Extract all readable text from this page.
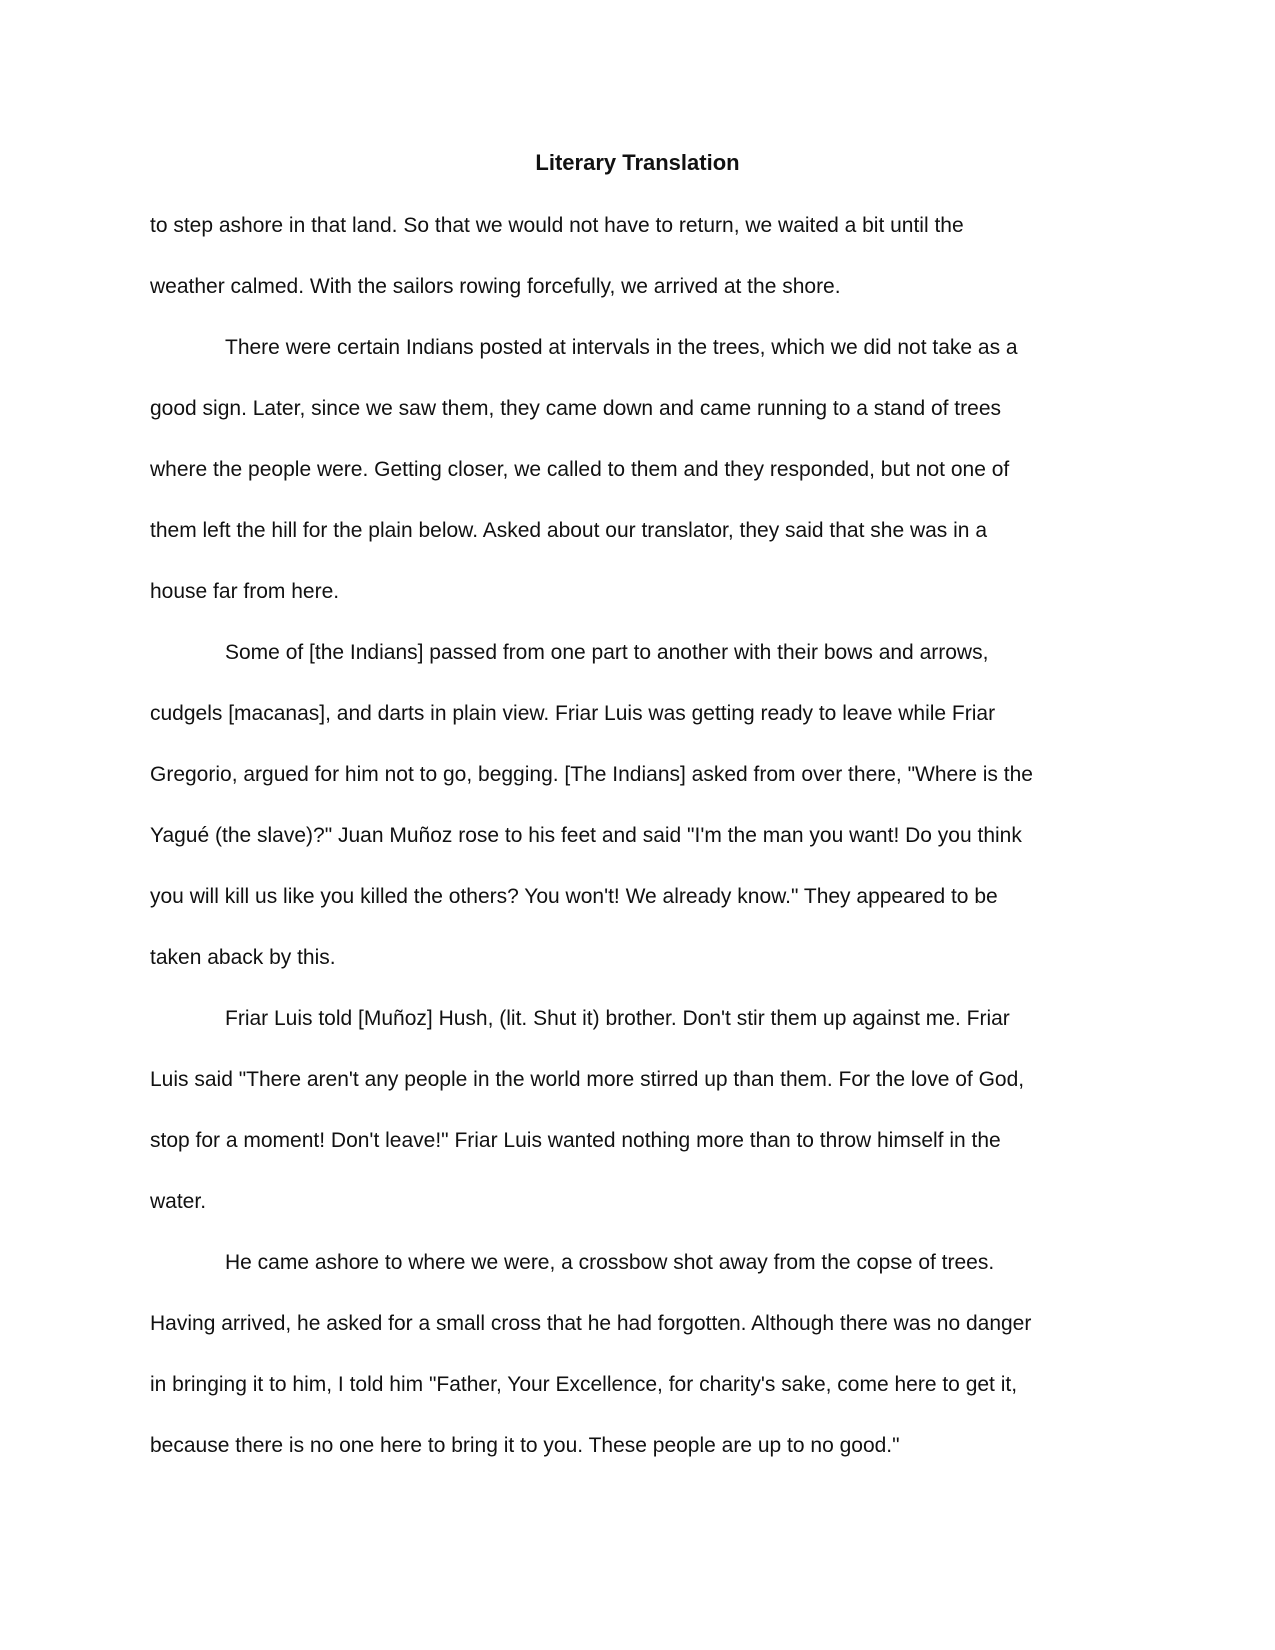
Literary Translation
to step ashore in that land. So that we would not have to return, we waited a bit until the
weather calmed. With the sailors rowing forcefully, we arrived at the shore.
There were certain Indians posted at intervals in the trees, which we did not take as a
good sign. Later, since we saw them, they came down and came running to a stand of trees
where the people were. Getting closer, we called to them and they responded, but not one of
them left the hill for the plain below. Asked about our translator, they said that she was in a
house far from here.
Some of [the Indians] passed from one part to another with their bows and arrows,
cudgels [macanas], and darts in plain view. Friar Luis was getting ready to leave while Friar
Gregorio, argued for him not to go, begging. [The Indians] asked from over there, "Where is the
Yagué (the slave)?" Juan Muñoz rose to his feet and said "I'm the man you want! Do you think
you will kill us like you killed the others? You won't! We already know." They appeared to be
taken aback by this.
Friar Luis told [Muñoz] Hush, (lit. Shut it) brother. Don't stir them up against me. Friar
Luis said "There aren't any people in the world more stirred up than them. For the love of God,
stop for a moment! Don't leave!" Friar Luis wanted nothing more than to throw himself in the
water.
He came ashore to where we were, a crossbow shot away from the copse of trees.
Having arrived, he asked for a small cross that he had forgotten. Although there was no danger
in bringing it to him, I told him "Father, Your Excellence, for charity's sake, come here to get it,
because there is no one here to bring it to you. These people are up to no good."
